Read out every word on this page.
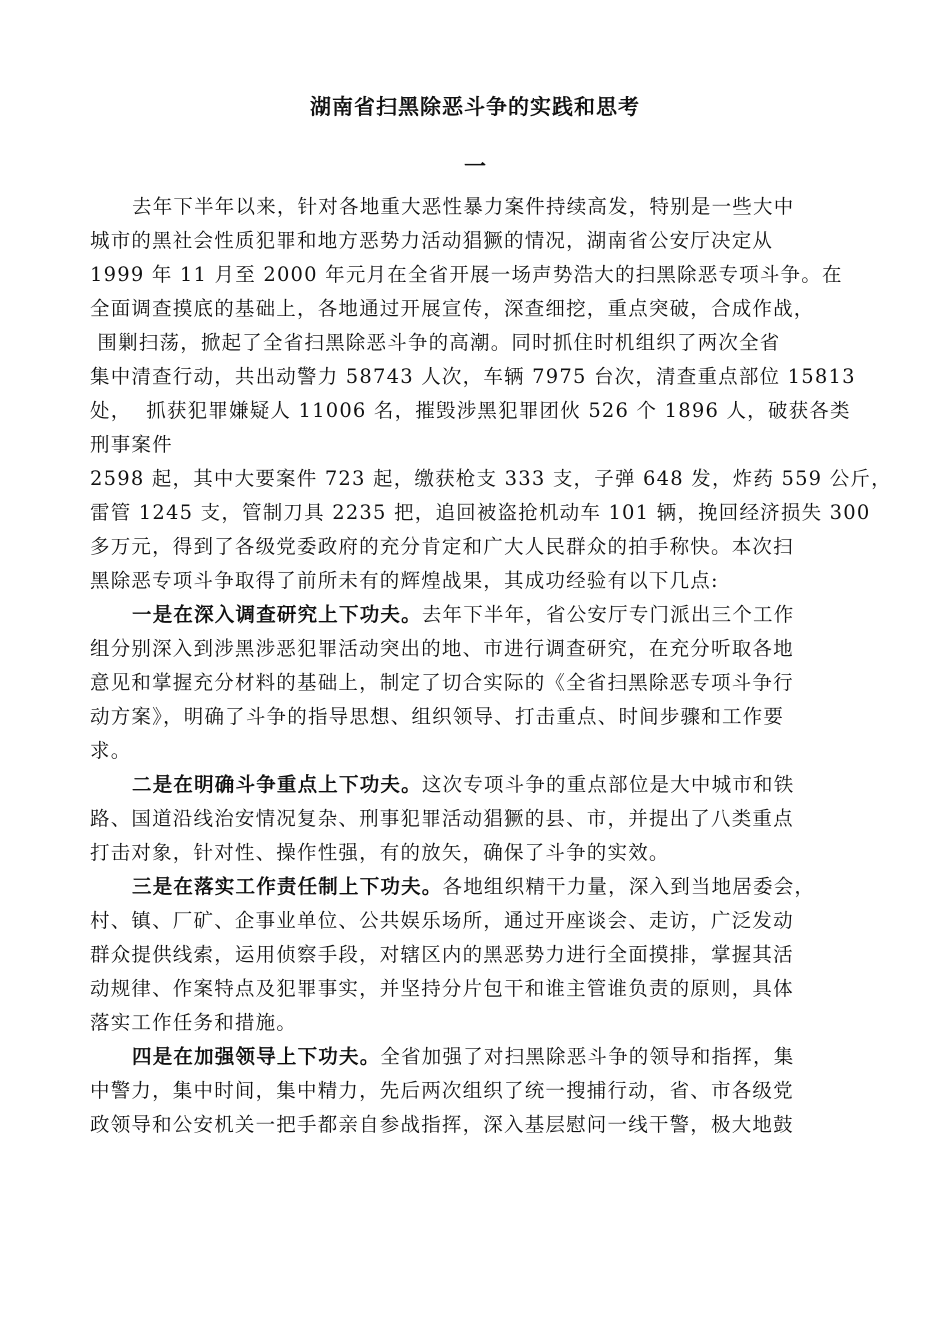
湖南省扫黑除恶斗争的实践和思考
一

去年下半年以来，针对各地重大恶性暴力案件持续高发，特别是一些大中
城市的黑社会性质犯罪和地方恶势力活动猖獗的情况，湖南省公安厅决定从
1999 年 11 月至 2000 年元月在全省开展一场声势浩大的扫黑除恶专项斗争。在
全面调查摸底的基础上，各地通过开展宣传，深查细挖，重点突破，合成作战，
围剿扫荡，掀起了全省扫黑除恶斗争的高潮。同时抓住时机组织了两次全省
集中清查行动，共出动警力 58743 人次，车辆 7975 台次，清查重点部位 15813
处，  抓获犯罪嫌疑人 11006 名，摧毁涉黑犯罪团伙 526 个 1896 人，破获各类
刑事案件
2598 起，其中大要案件 723 起，缴获枪支 333 支，子弹 648 发，炸药 559 公斤，
雷管 1245 支，管制刀具 2235 把，追回被盗抢机动车 101 辆，挽回经济损失 300
多万元，得到了各级党委政府的充分肯定和广大人民群众的拍手称快。本次扫
黑除恶专项斗争取得了前所未有的辉煌战果，其成功经验有以下几点:

一是在深入调查研究上下功夫。去年下半年，省公安厅专门派出三个工作
组分别深入到涉黑涉恶犯罪活动突出的地、市进行调查研究，在充分听取各地
意见和掌握充分材料的基础上，制定了切合实际的《全省扫黑除恶专项斗争行
动方案》，明确了斗争的指导思想、组织领导、打击重点、时间步骤和工作要
求。

二是在明确斗争重点上下功夫。这次专项斗争的重点部位是大中城市和铁
路、国道沿线治安情况复杂、刑事犯罪活动猖獗的县、市，并提出了八类重点
打击对象，针对性、操作性强，有的放矢，确保了斗争的实效。

三是在落实工作责任制上下功夫。各地组织精干力量，深入到当地居委会，
村、镇、厂矿、企事业单位、公共娱乐场所，通过开座谈会、走访，广泛发动
群众提供线索，运用侦察手段，对辖区内的黑恶势力进行全面摸排，掌握其活
动规律、作案特点及犯罪事实，并坚持分片包干和谁主管谁负责的原则，具体
落实工作任务和措施。

四是在加强领导上下功夫。全省加强了对扫黑除恶斗争的领导和指挥，集
中警力，集中时间，集中精力，先后两次组织了统一搜捕行动，省、市各级党
政领导和公安机关一把手都亲自参战指挥，深入基层慰问一线干警，极大地鼓
